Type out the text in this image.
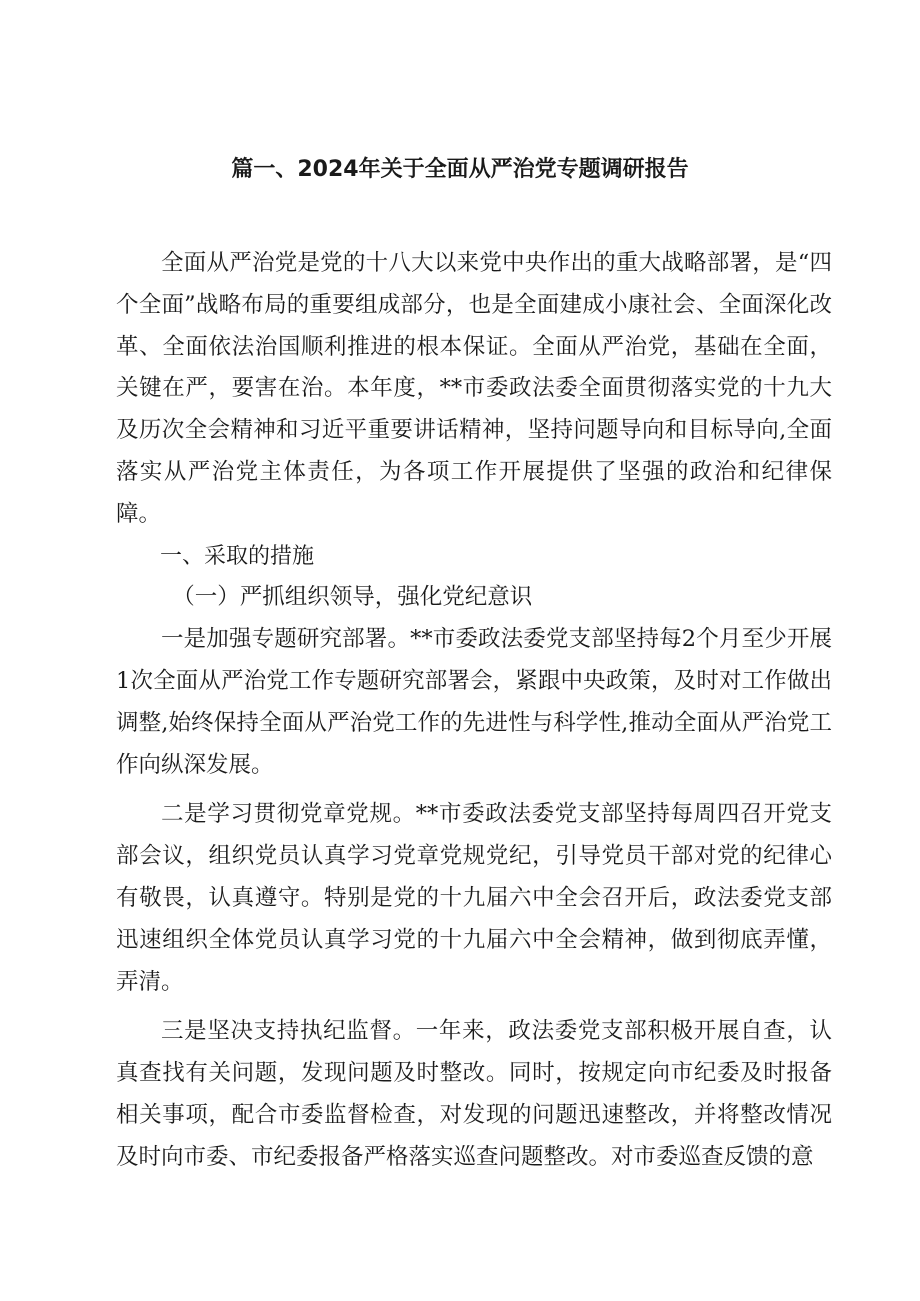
篇一、2024年关于全面从严治党专题调研报告

全面从严治党是党的十八大以来党中央作出的重大战略部署，是“四个全面”战略布局的重要组成部分，也是全面建成小康社会、全面深化改革、全面依法治国顺利推进的根本保证。全面从严治党，基础在全面，关键在严，要害在治。本年度，**市委政法委全面贯彻落实党的十九大及历次全会精神和习近平重要讲话精神，坚持问题导向和目标导向,全面落实从严治党主体责任，为各项工作开展提供了坚强的政治和纪律保障。

一、采取的措施

（一）严抓组织领导，强化党纪意识

一是加强专题研究部署。**市委政法委党支部坚持每2个月至少开展1次全面从严治党工作专题研究部署会，紧跟中央政策，及时对工作做出调整,始终保持全面从严治党工作的先进性与科学性,推动全面从严治党工作向纵深发展。

二是学习贯彻党章党规。**市委政法委党支部坚持每周四召开党支部会议，组织党员认真学习党章党规党纪，引导党员干部对党的纪律心有敬畏，认真遵守。特别是党的十九届六中全会召开后，政法委党支部迅速组织全体党员认真学习党的十九届六中全会精神，做到彻底弄懂，弄清。

三是坚决支持执纪监督。一年来，政法委党支部积极开展自查，认真查找有关问题，发现问题及时整改。同时，按规定向市纪委及时报备相关事项，配合市委监督检查，对发现的问题迅速整改，并将整改情况及时向市委、市纪委报备严格落实巡查问题整改。对市委巡查反馈的意
